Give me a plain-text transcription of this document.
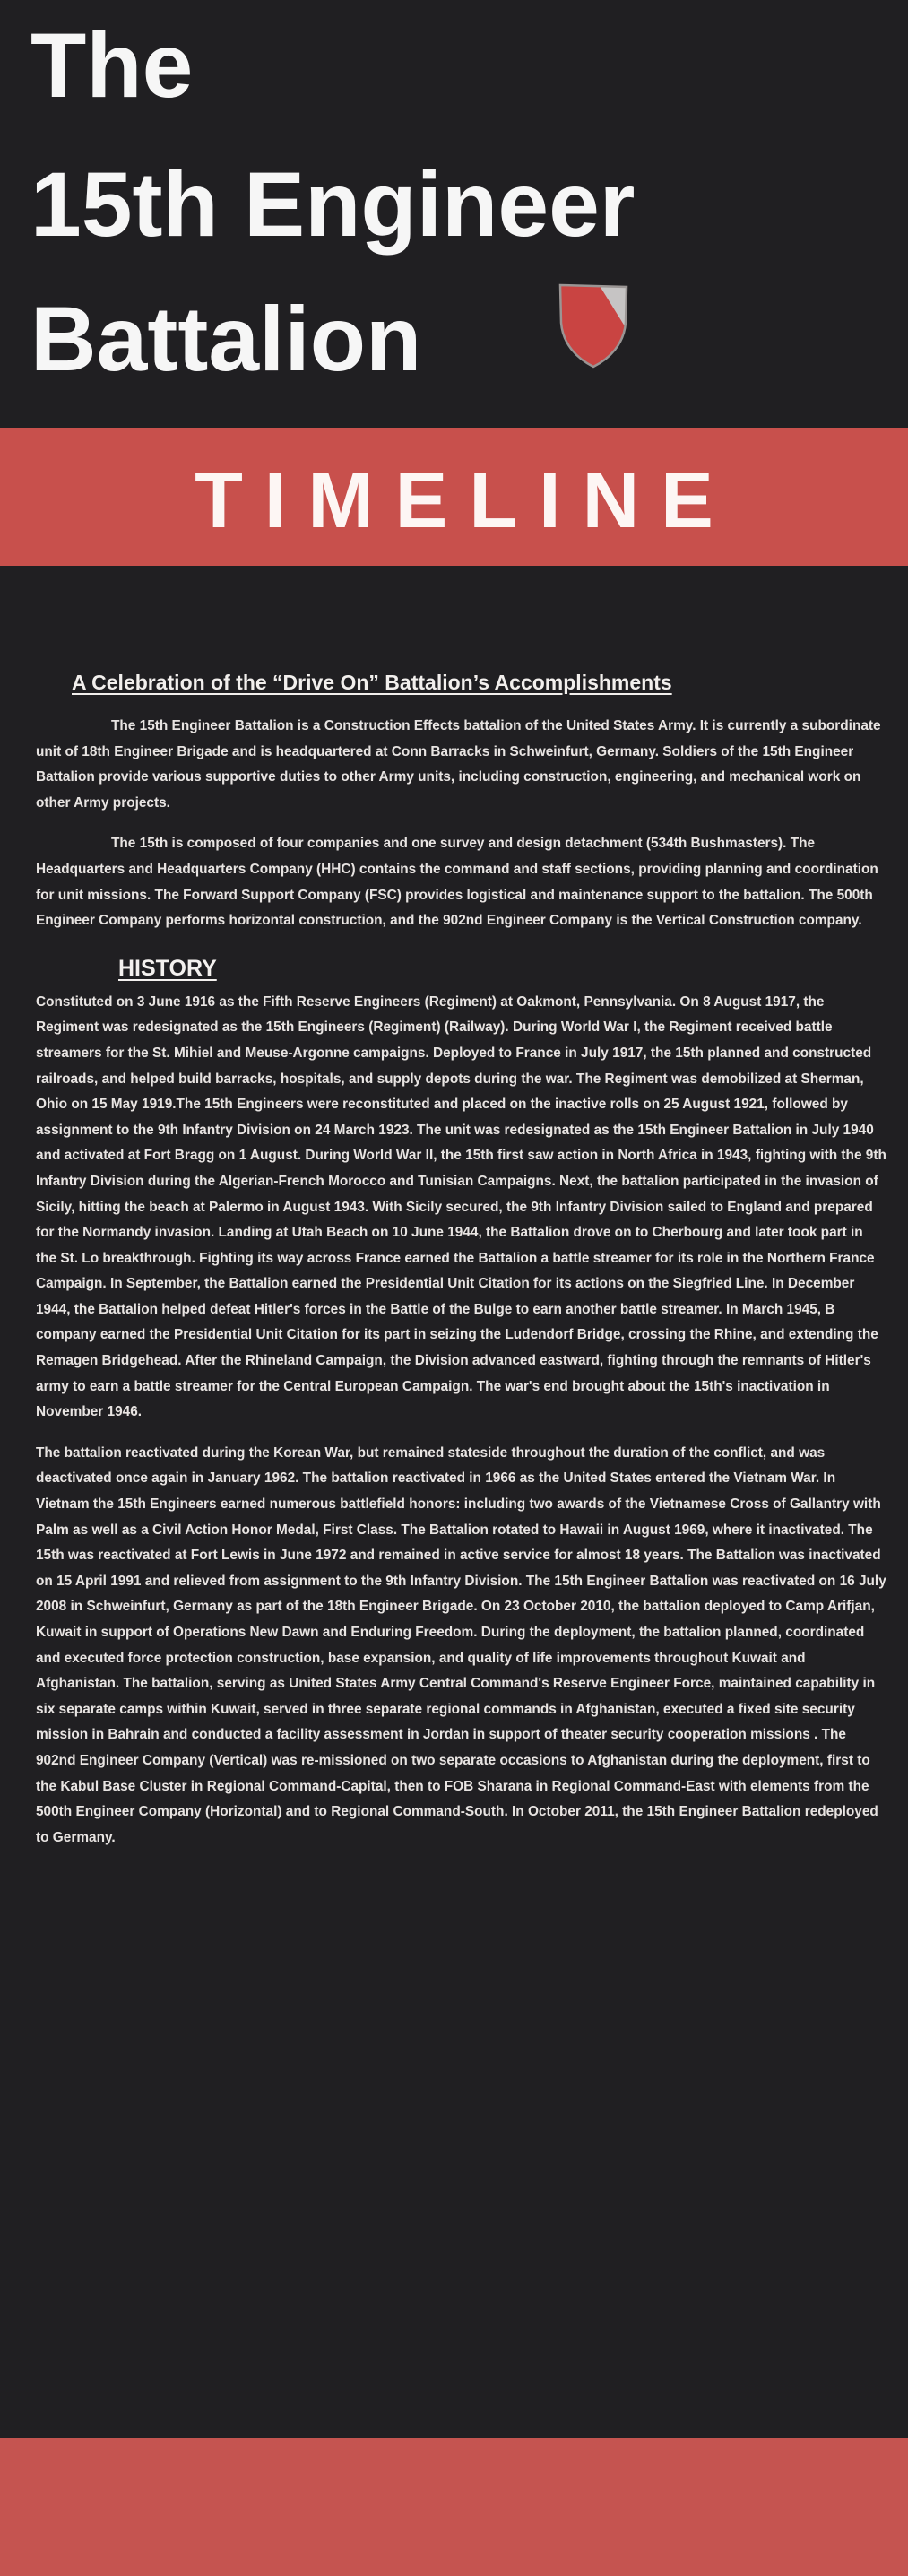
The
15th Engineer
Battalion
TIMELINE
A Celebration of the “Drive On” Battalion’s Accomplishments

The 15th Engineer Battalion is a Construction Effects battalion of the United States Army. It is currently a subordinate unit of 18th Engineer Brigade and is headquartered at Conn Barracks in Schweinfurt, Germany. Soldiers of the 15th Engineer Battalion provide various supportive duties to other Army units, including construction, engineering, and mechanical work on other Army projects.

The 15th is composed of four companies and one survey and design detachment (534th Bushmasters). The Headquarters and Headquarters Company (HHC) contains the command and staff sections, providing planning and coordination for unit missions. The Forward Support Company (FSC) provides logistical and maintenance support to the battalion. The 500th Engineer Company performs horizontal construction, and the 902nd Engineer Company is the Vertical Construction company.

HISTORY

Constituted on 3 June 1916 as the Fifth Reserve Engineers (Regiment) at Oakmont, Pennsylvania. On 8 August 1917, the Regiment was redesignated as the 15th Engineers (Regiment) (Railway). During World War I, the Regiment received battle streamers for the St. Mihiel and Meuse-Argonne campaigns. Deployed to France in July 1917, the 15th planned and constructed railroads, and helped build barracks, hospitals, and supply depots during the war. The Regiment was demobilized at Sherman, Ohio on 15 May 1919.The 15th Engineers were reconstituted and placed on the inactive rolls on 25 August 1921, followed by assignment to the 9th Infantry Division on 24 March 1923. The unit was redesignated as the 15th Engineer Battalion in July 1940 and activated at Fort Bragg on 1 August. During World War II, the 15th first saw action in North Africa in 1943, fighting with the 9th Infantry Division during the Algerian-French Morocco and Tunisian Campaigns. Next, the battalion participated in the invasion of Sicily, hitting the beach at Palermo in August 1943. With Sicily secured, the 9th Infantry Division sailed to England and prepared for the Normandy invasion. Landing at Utah Beach on 10 June 1944, the Battalion drove on to Cherbourg and later took part in the St. Lo breakthrough. Fighting its way across France earned the Battalion a battle streamer for its role in the Northern France Campaign. In September, the Battalion earned the Presidential Unit Citation for its actions on the Siegfried Line. In December 1944, the Battalion helped defeat Hitler's forces in the Battle of the Bulge to earn another battle streamer. In March 1945, B company earned the Presidential Unit Citation for its part in seizing the Ludendorf Bridge, crossing the Rhine, and extending the Remagen Bridgehead. After the Rhineland Campaign, the Division advanced eastward, fighting through the remnants of Hitler's army to earn a battle streamer for the Central European Campaign. The war's end brought about the 15th's inactivation in November 1946.

The battalion reactivated during the Korean War, but remained stateside throughout the duration of the conflict, and was deactivated once again in January 1962. The battalion reactivated in 1966 as the United States entered the Vietnam War. In Vietnam the 15th Engineers earned numerous battlefield honors: including two awards of the Vietnamese Cross of Gallantry with Palm as well as a Civil Action Honor Medal, First Class. The Battalion rotated to Hawaii in August 1969, where it inactivated. The 15th was reactivated at Fort Lewis in June 1972 and remained in active service for almost 18 years. The Battalion was inactivated on 15 April 1991 and relieved from assignment to the 9th Infantry Division. The 15th Engineer Battalion was reactivated on 16 July 2008 in Schweinfurt, Germany as part of the 18th Engineer Brigade. On 23 October 2010, the battalion deployed to Camp Arifjan, Kuwait in support of Operations New Dawn and Enduring Freedom. During the deployment, the battalion planned, coordinated and executed force protection construction, base expansion, and quality of life improvements throughout Kuwait and Afghanistan. The battalion, serving as United States Army Central Command's Reserve Engineer Force, maintained capability in six separate camps within Kuwait, served in three separate regional commands in Afghanistan, executed a fixed site security mission in Bahrain and conducted a facility assessment in Jordan in support of theater security cooperation missions . The 902nd Engineer Company (Vertical) was re-missioned on two separate occasions to Afghanistan during the deployment, first to the Kabul Base Cluster in Regional Command-Capital, then to FOB Sharana in Regional Command-East with elements from the 500th Engineer Company (Horizontal) and to Regional Command-South. In October 2011, the 15th Engineer Battalion redeployed to Germany.
